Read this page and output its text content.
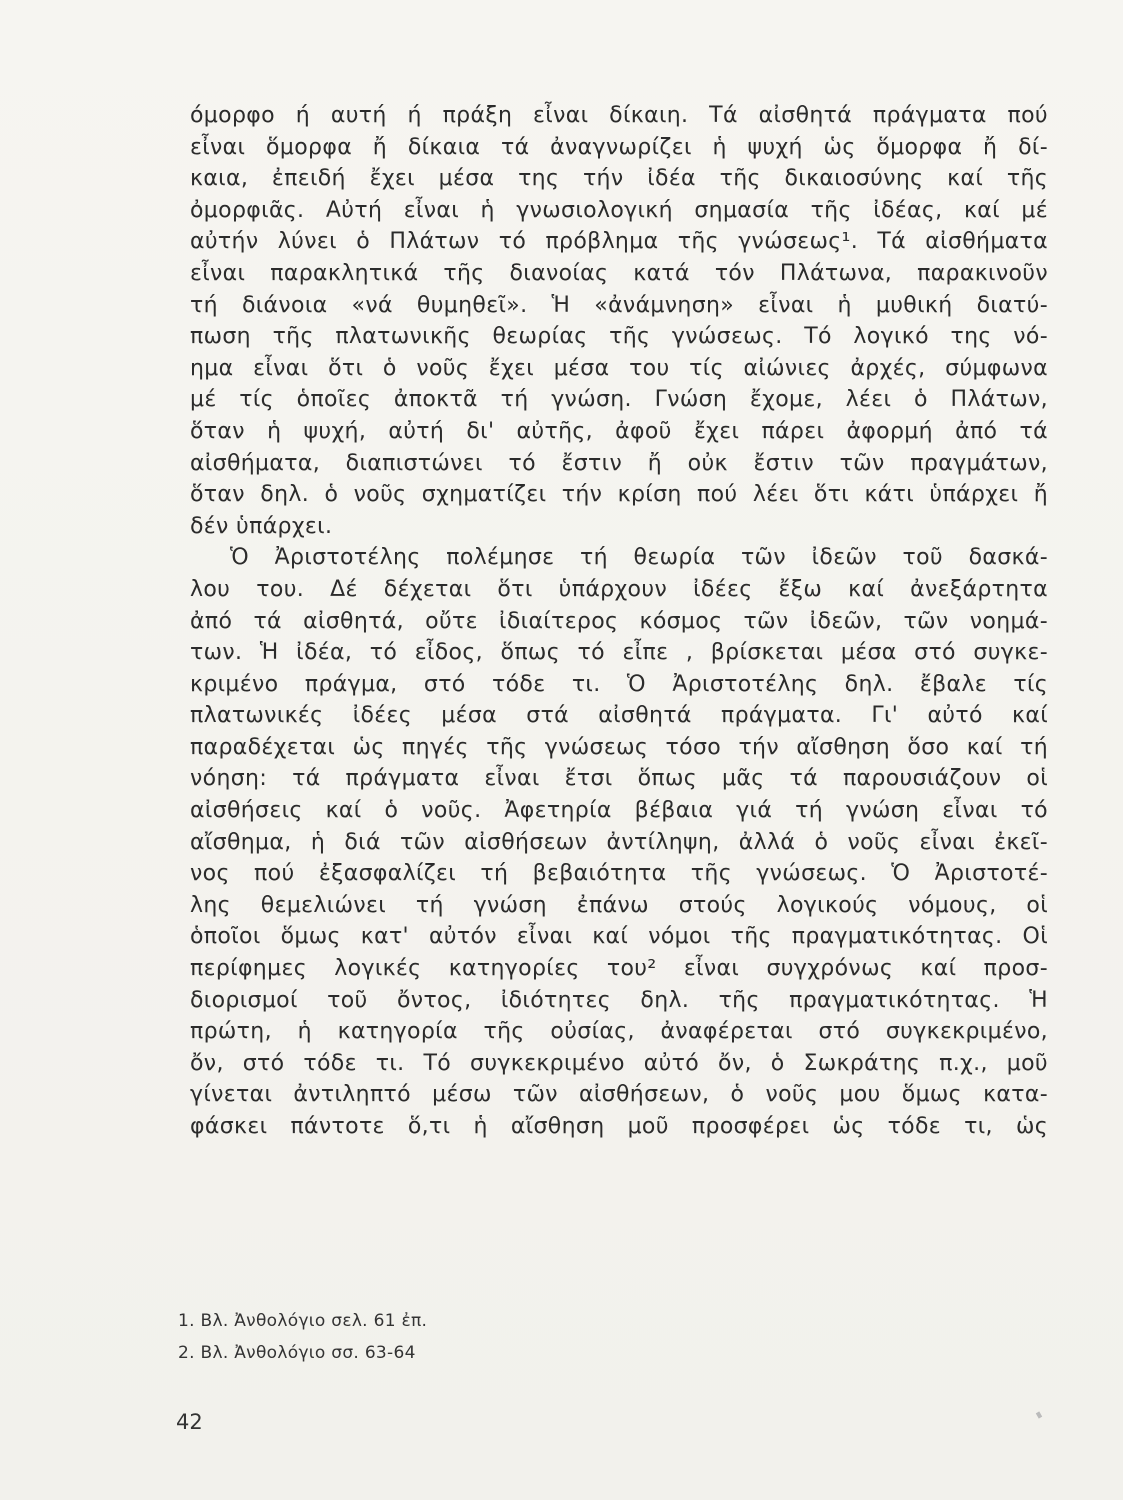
όμορφο ή αυτή ή πράξη εἶναι δίκαιη. Τά αἰσθητά πράγματα πού
εἶναι ὅμορφα ἤ δίκαια τά ἀναγνωρίζει ἡ ψυχή ὡς ὅμορφα ἤ δί-
καια, ἐπειδή ἔχει μέσα της τήν ἰδέα τῆς δικαιοσύνης καί τῆς
ὀμορφιᾶς. Αὐτή εἶναι ἡ γνωσιολογική σημασία τῆς ἰδέας, καί μέ
αὐτήν λύνει ὁ Πλάτων τό πρόβλημα τῆς γνώσεως¹. Τά αἰσθήματα
εἶναι παρακλητικά τῆς διανοίας κατά τόν Πλάτωνα, παρακινοῦν
τή διάνοια «νά θυμηθεῖ». Ἡ «ἀνάμνηση» εἶναι ἡ μυθική διατύ-
πωση τῆς πλατωνικῆς θεωρίας τῆς γνώσεως. Τό λογικό της νό-
ημα εἶναι ὅτι ὁ νοῦς ἔχει μέσα του τίς αἰώνιες ἀρχές, σύμφωνα
μέ τίς ὁποῖες ἀποκτᾶ τή γνώση. Γνώση ἔχομε, λέει ὁ Πλάτων,
ὅταν ἡ ψυχή, αὐτή δι' αὐτῆς, ἀφοῦ ἔχει πάρει ἀφορμή ἀπό τά
αἰσθήματα, διαπιστώνει τό ἔστιν ἤ οὐκ ἔστιν τῶν πραγμάτων,
ὅταν δηλ. ὁ νοῦς σχηματίζει τήν κρίση πού λέει ὅτι κάτι ὑπάρχει ἤ
δέν ὑπάρχει.

Ὁ Ἀριστοτέλης πολέμησε τή θεωρία τῶν ἰδεῶν τοῦ δασκά-
λου του. Δέ δέχεται ὅτι ὑπάρχουν ἰδέες ἔξω καί ἀνεξάρτητα
ἀπό τά αἰσθητά, οὔτε ἰδιαίτερος κόσμος τῶν ἰδεῶν, τῶν νοημά-
των. Ἡ ἰδέα, τό εἶδος, ὅπως τό εἶπε , βρίσκεται μέσα στό συγκε-
κριμένο πράγμα, στό τόδε τι. Ὁ Ἀριστοτέλης δηλ. ἔβαλε τίς
πλατωνικές ἰδέες μέσα στά αἰσθητά πράγματα. Γι' αὐτό καί
παραδέχεται ὡς πηγές τῆς γνώσεως τόσο τήν αἴσθηση ὅσο καί τή
νόηση: τά πράγματα εἶναι ἔτσι ὅπως μᾶς τά παρουσιάζουν οἱ
αἰσθήσεις καί ὁ νοῦς. Ἀφετηρία βέβαια γιά τή γνώση εἶναι τό
αἴσθημα, ἡ διά τῶν αἰσθήσεων ἀντίληψη, ἀλλά ὁ νοῦς εἶναι ἐκεῖ-
νος πού ἐξασφαλίζει τή βεβαιότητα τῆς γνώσεως. Ὁ Ἀριστοτέ-
λης θεμελιώνει τή γνώση ἐπάνω στούς λογικούς νόμους, οἱ
ὁποῖοι ὅμως κατ' αὐτόν εἶναι καί νόμοι τῆς πραγματικότητας. Οἱ
περίφημες λογικές κατηγορίες του² εἶναι συγχρόνως καί προσ-
διορισμοί τοῦ ὄντος, ἰδιότητες δηλ. τῆς πραγματικότητας. Ἡ
πρώτη, ἡ κατηγορία τῆς οὐσίας, ἀναφέρεται στό συγκεκριμένο,
ὄν, στό τόδε τι. Τό συγκεκριμένο αὐτό ὄν, ὁ Σωκράτης π.χ., μοῦ
γίνεται ἀντιληπτό μέσω τῶν αἰσθήσεων, ὁ νοῦς μου ὅμως κατα-
φάσκει πάντοτε ὅ,τι ἡ αἴσθηση μοῦ προσφέρει ὡς τόδε τι, ὡς

1. Βλ. Ἀνθολόγιο σελ. 61 ἐπ.
2. Βλ. Ἀνθολόγιο σσ. 63-64
42
